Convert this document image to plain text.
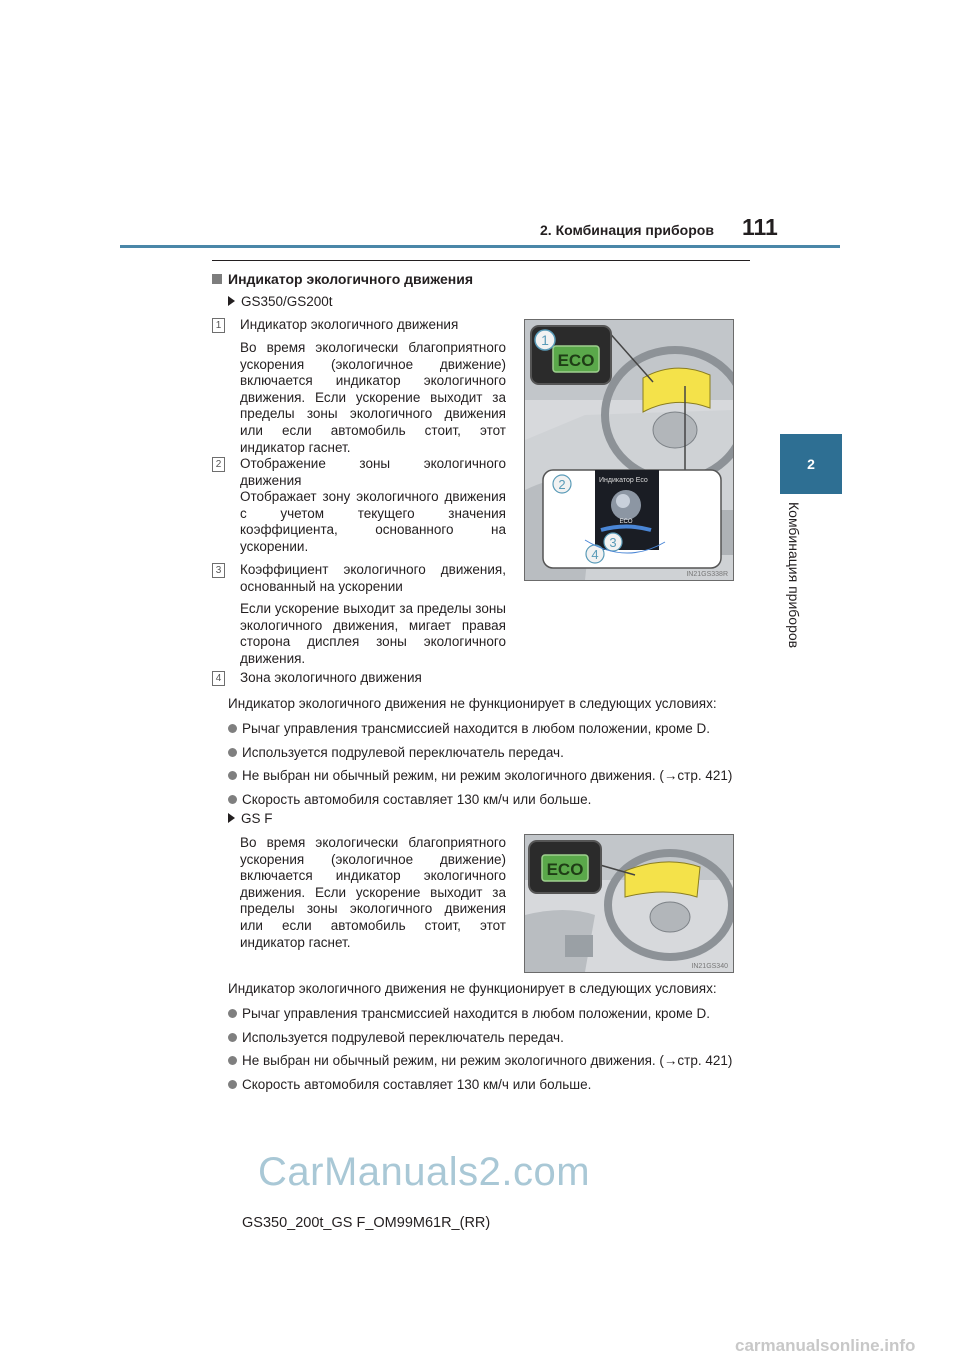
2. Комбинация приборов 111
2
Комбинация приборов
Индикатор экологичного движения
GS350/GS200t
1 Индикатор экологичного движения
Во время экологически благоприятного ускорения (экологичное движение) включается индикатор экологичного движения. Если ускорение выходит за пределы зоны экологичного движения или если автомобиль стоит, этот индикатор гаснет.
2 Отображение зоны экологичного движения
Отображает зону экологичного движения с учетом текущего значения коэффициента, основанного на ускорении.
3 Коэффициент экологичного движения, основанный на ускорении
Если ускорение выходит за пределы зоны экологичного движения, мигает правая сторона дисплея зоны экологичного движения.
4 Зона экологичного движения
1
ECO
Индикатор Eco
ECO
2
3
4
IN21GS338R
Индикатор экологичного движения не функционирует в следующих условиях:
Рычаг управления трансмиссией находится в любом положении, кроме D.
Используется подрулевой переключатель передач.
Не выбран ни обычный режим, ни режим экологичного движения. (→стр. 421)
Скорость автомобиля составляет 130 км/ч или больше.
GS F
Во время экологически благоприятного ускорения (экологичное движение) включается индикатор экологичного движения. Если ускорение выходит за пределы зоны экологичного движения или если автомобиль стоит, этот индикатор гаснет.
ECO
IN21GS340
Индикатор экологичного движения не функционирует в следующих условиях:
Рычаг управления трансмиссией находится в любом положении, кроме D.
Используется подрулевой переключатель передач.
Не выбран ни обычный режим, ни режим экологичного движения. (→стр. 421)
Скорость автомобиля составляет 130 км/ч или больше.
CarManuals2.com
GS350_200t_GS F_OM99M61R_(RR)
carmanualsonline.info
